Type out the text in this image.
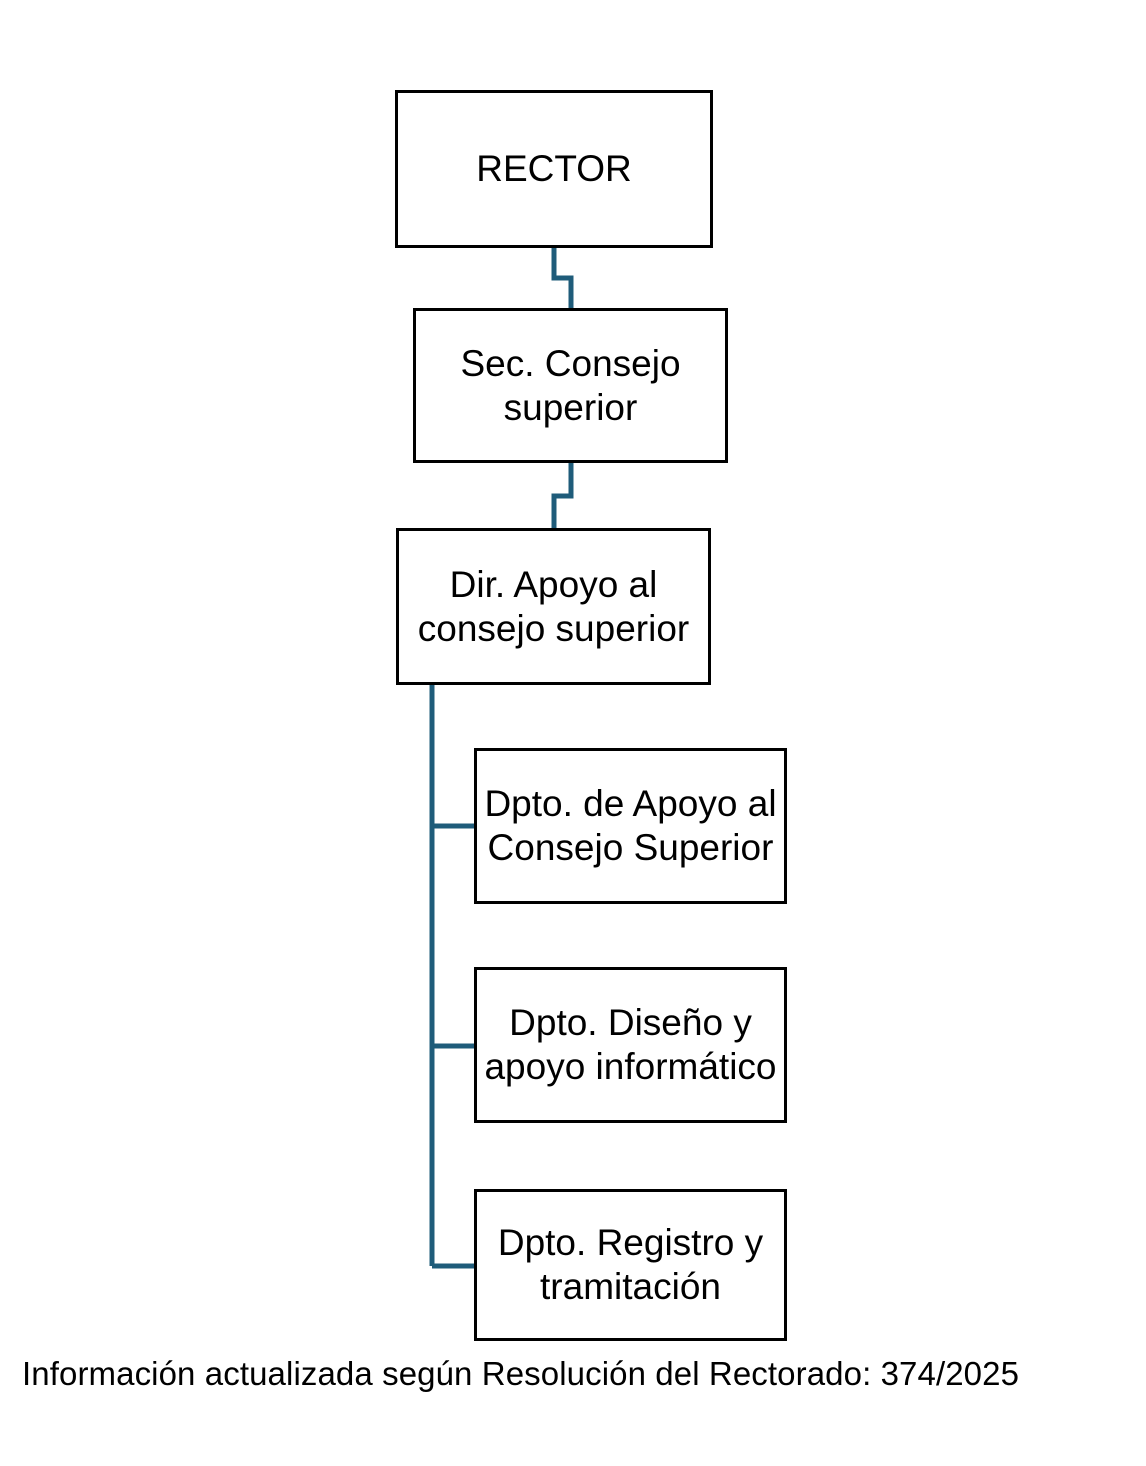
RECTOR
Sec. Consejo superior
Dir. Apoyo al consejo superior
Dpto. de Apoyo al Consejo Superior
Dpto. Diseño y apoyo informático
Dpto. Registro y tramitación
Información actualizada según Resolución del Rectorado: 374/2025
